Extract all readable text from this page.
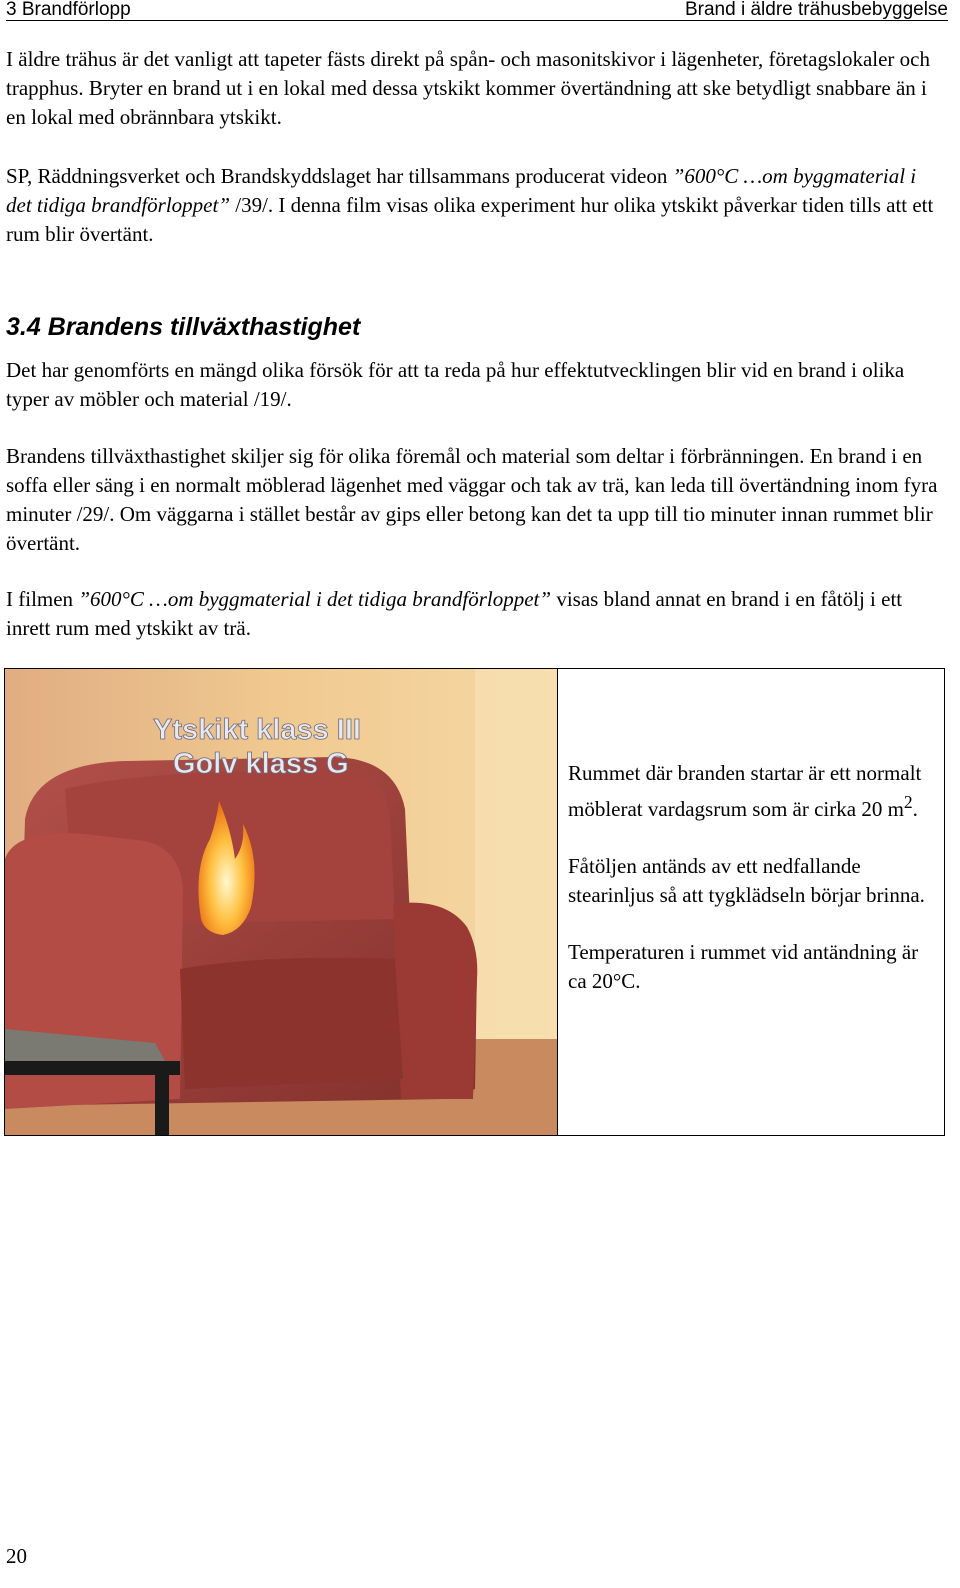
3 Brandförlopp	Brand i äldre trähusbebyggelse
I äldre trähus är det vanligt att tapeter fästs direkt på spån- och masonitskivor i lägenheter, företagslokaler och trapphus. Bryter en brand ut i en lokal med dessa ytskikt kommer övertändning att ske betydligt snabbare än i en lokal med obrännbara ytskikt.
SP, Räddningsverket och Brandskyddslaget har tillsammans producerat videon ”600°C …om byggmaterial i det tidiga brandförloppet” /39/. I denna film visas olika experiment hur olika ytskikt påverkar tiden tills att ett rum blir övertänt.
3.4 Brandens tillväxthastighet
Det har genomförts en mängd olika försök för att ta reda på hur effektutvecklingen blir vid en brand i olika typer av möbler och material /19/.
Brandens tillväxthastighet skiljer sig för olika föremål och material som deltar i förbränningen. En brand i en soffa eller säng i en normalt möblerad lägenhet med väggar och tak av trä, kan leda till övertändning inom fyra minuter /29/. Om väggarna i stället består av gips eller betong kan det ta upp till tio minuter innan rummet blir övertänt.
I filmen ”600°C …om byggmaterial i det tidiga brandförloppet” visas bland annat en brand i en fåtölj i ett inrett rum med ytskikt av trä.
Ytskikt klass III
Golv klass G	Rummet där branden startar är ett normalt möblerat vardagsrum som är cirka 20 $m^2$.

Fåtöljen antänds av ett nedfallande stearinljus så att tygklädseln börjar brinna.

Temperaturen i rummet vid antändning är ca 20°C.

20
